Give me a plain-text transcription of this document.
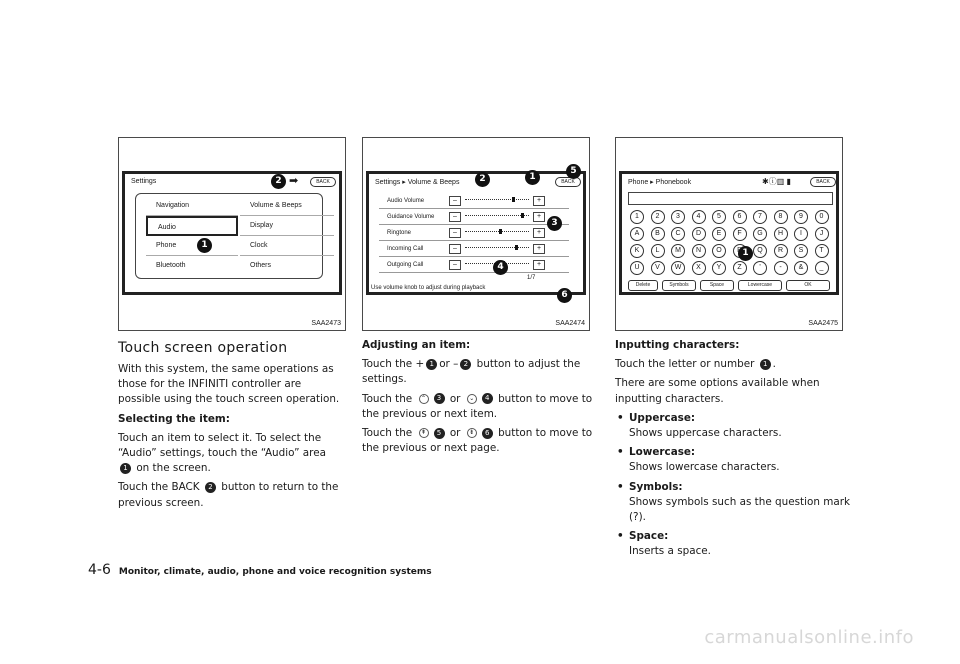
Settings	BACK
Navigation
Audio
Phone
Bluetooth
Volume & Beeps
Display
Clock
Others
1
2 ➡
SAA2473
Touch screen operation

With this system, the same operations as those for the INFINITI controller are possible using the touch screen operation.

Selecting the item:

Touch an item to select it. To select the “Audio” settings, touch the “Audio” area
1 on the screen.

Touch the BACK 2 button to return to the previous screen.

Settings ▸ Volume & Beeps	BACK
Audio Volume	–	+
Guidance Volume	–	+
Ringtone	–	+
Incoming Call	–	+
Outgoing Call	–	+
1/7
Use volume knob to adjust during playback
1
2
3
4
5
6
SAA2474

Adjusting an item:

Touch the + 1 or – 2 button to adjust the settings.

Touch the ⌃ 3 or ⌄ 4 button to move to the previous or next item.

Touch the ⇞ 5 or ⇟ 6 button to move to the previous or next page.

Phone ▸ Phonebook	✱ⓘ▥ ▮	BACK
1	2	3	4	5	6	7	8	9	0
A	B	C	D	E	F	G	H	I	J
K	L	M	N	O	Q	R	S	T
U	V	W	X	Y	Z	'	-	&	_
Delete	Symbols	Space	Lowercase	OK
1
SAA2475

Inputting characters:

Touch the letter or number 1 .

There are some options available when inputting characters.

• Uppercase:

Shows uppercase characters.

• Lowercase:

Shows lowercase characters.

• Symbols:

Shows symbols such as the question mark (?).

• Space:

Inserts a space.

4-6 Monitor, climate, audio, phone and voice recognition systems
carmanualsonline.info
